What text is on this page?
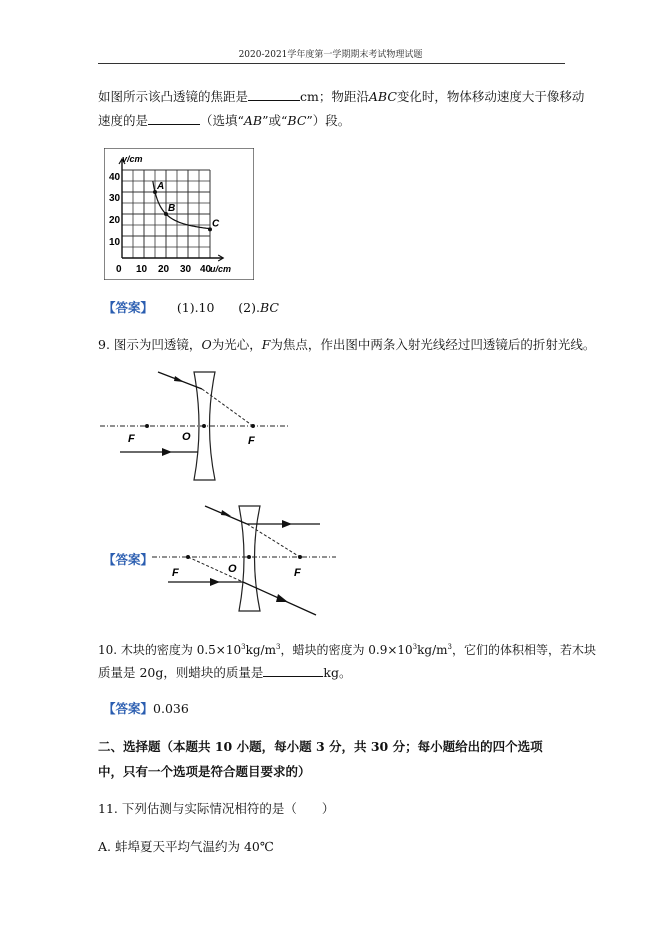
2020-2021学年度第一学期期末考试物理试题
如图所示该凸透镜的焦距是	cm；物距沿ABC变化时，物体移动速度大于像移动
速度的是	（选填“AB”或“BC”）段。
v/cm
u/cm
40
30
20
10
0 10 20 30 40
A
B
C
【答案】 (1).10 (2).BC
9. 图示为凹透镜，O为光心，F为焦点，作出图中两条入射光线经过凹透镜后的折射光线。
F	O	F
【答案】
F	O	F
10. 木块的密度为 $0.5\times 10^3kg/m^3$，蜡块的密度为 $0.9\times 10^3kg/m^3$，它们的体积相等，若木块
质量是 20g，则蜡块的质量是	kg。
【答案】0.036
二、选择题（本题共 10 小题，每小题 3 分，共 30 分；每小题给出的四个选项
中，只有一个选项是符合题目要求的）
11. 下列估测与实际情况相符的是（　　）
A. 蚌埠夏天平均气温约为 40℃
